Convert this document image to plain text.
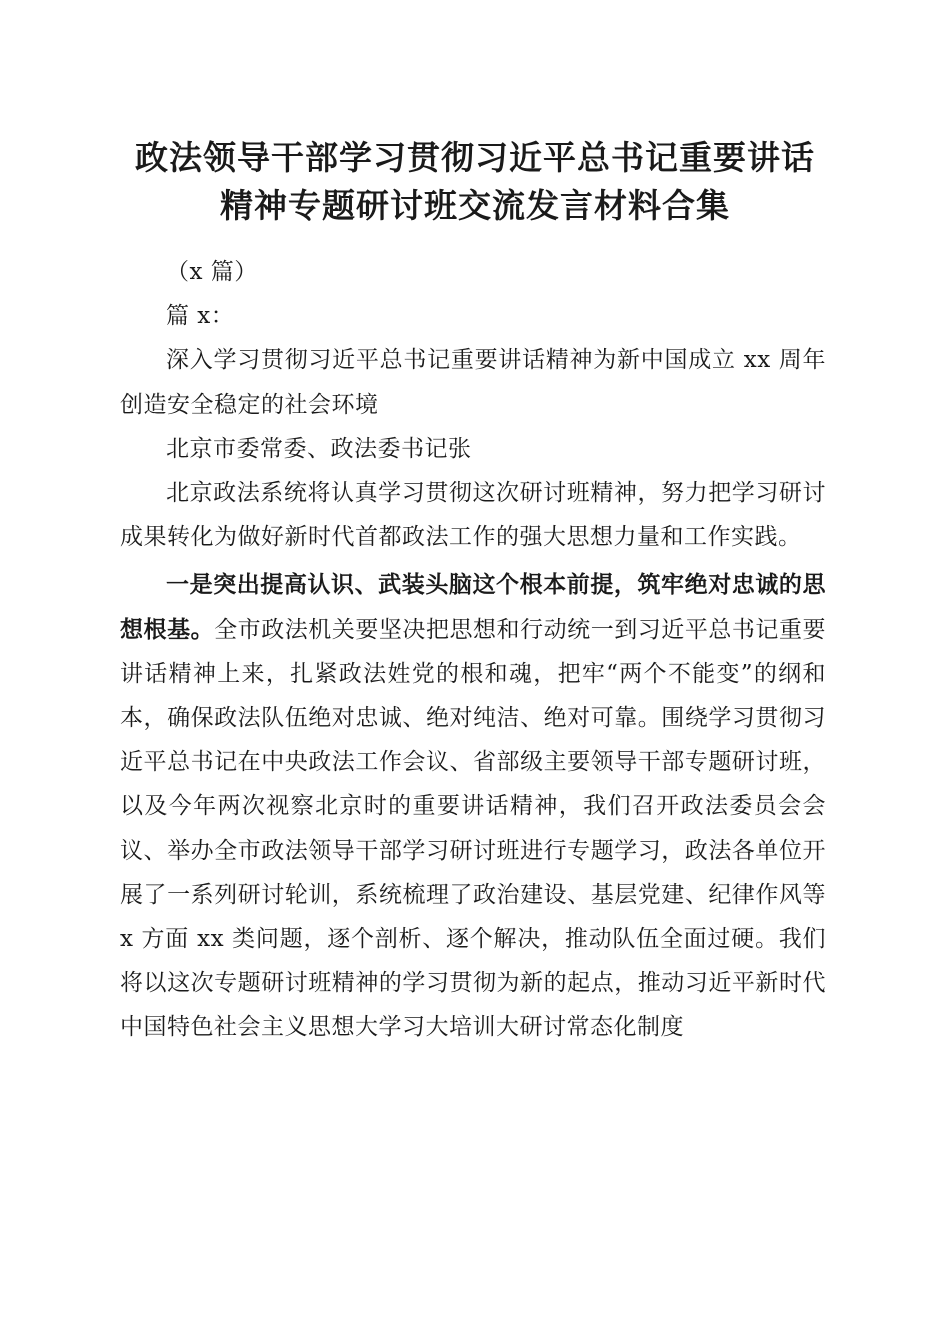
政法领导干部学习贯彻习近平总书记重要讲话
精神专题研讨班交流发言材料合集

（x 篇）

篇 x：

深入学习贯彻习近平总书记重要讲话精神为新中国成立 xx 周年创造安全稳定的社会环境

北京市委常委、政法委书记张

北京政法系统将认真学习贯彻这次研讨班精神，努力把学习研讨成果转化为做好新时代首都政法工作的强大思想力量和工作实践。

一是突出提高认识、武装头脑这个根本前提，筑牢绝对忠诚的思想根基。全市政法机关要坚决把思想和行动统一到习近平总书记重要讲话精神上来，扎紧政法姓党的根和魂，把牢“两个不能变”的纲和本，确保政法队伍绝对忠诚、绝对纯洁、绝对可靠。围绕学习贯彻习近平总书记在中央政法工作会议、省部级主要领导干部专题研讨班，以及今年两次视察北京时的重要讲话精神，我们召开政法委员会会议、举办全市政法领导干部学习研讨班进行专题学习，政法各单位开展了一系列研讨轮训，系统梳理了政治建设、基层党建、纪律作风等 x 方面 xx 类问题，逐个剖析、逐个解决，推动队伍全面过硬。我们将以这次专题研讨班精神的学习贯彻为新的起点，推动习近平新时代中国特色社会主义思想大学习大培训大研讨常态化制度
